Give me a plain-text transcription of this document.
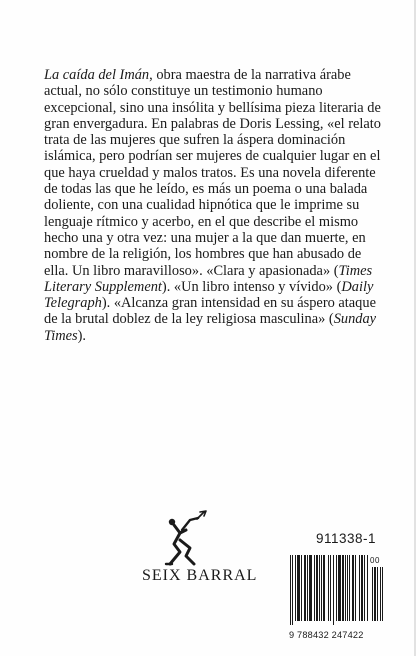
La caída del Imán, obra maestra de la narrativa árabe actual, no sólo constituye un testimonio humano excepcional, sino una insólita y bellísima pieza literaria de gran envergadura. En palabras de Doris Lessing, «el relato trata de las mujeres que sufren la áspera dominación islámica, pero podrían ser mujeres de cualquier lugar en el que haya crueldad y malos tratos. Es una novela diferente de todas las que he leído, es más un poema o una balada doliente, con una cualidad hipnótica que le imprime su lenguaje rítmico y acerbo, en el que describe el mismo hecho una y otra vez: una mujer a la que dan muerte, en nombre de la religión, los hombres que han abusado de ella. Un libro maravilloso». «Clara y apasionada» (Times Literary Supplement). «Un libro intenso y vívido» (Daily Telegraph). «Alcanza gran intensidad en su áspero ataque de la brutal doblez de la ley religiosa masculina» (Sunday Times).

SEIX BARRAL
911338-1
00
9 788432 247422
